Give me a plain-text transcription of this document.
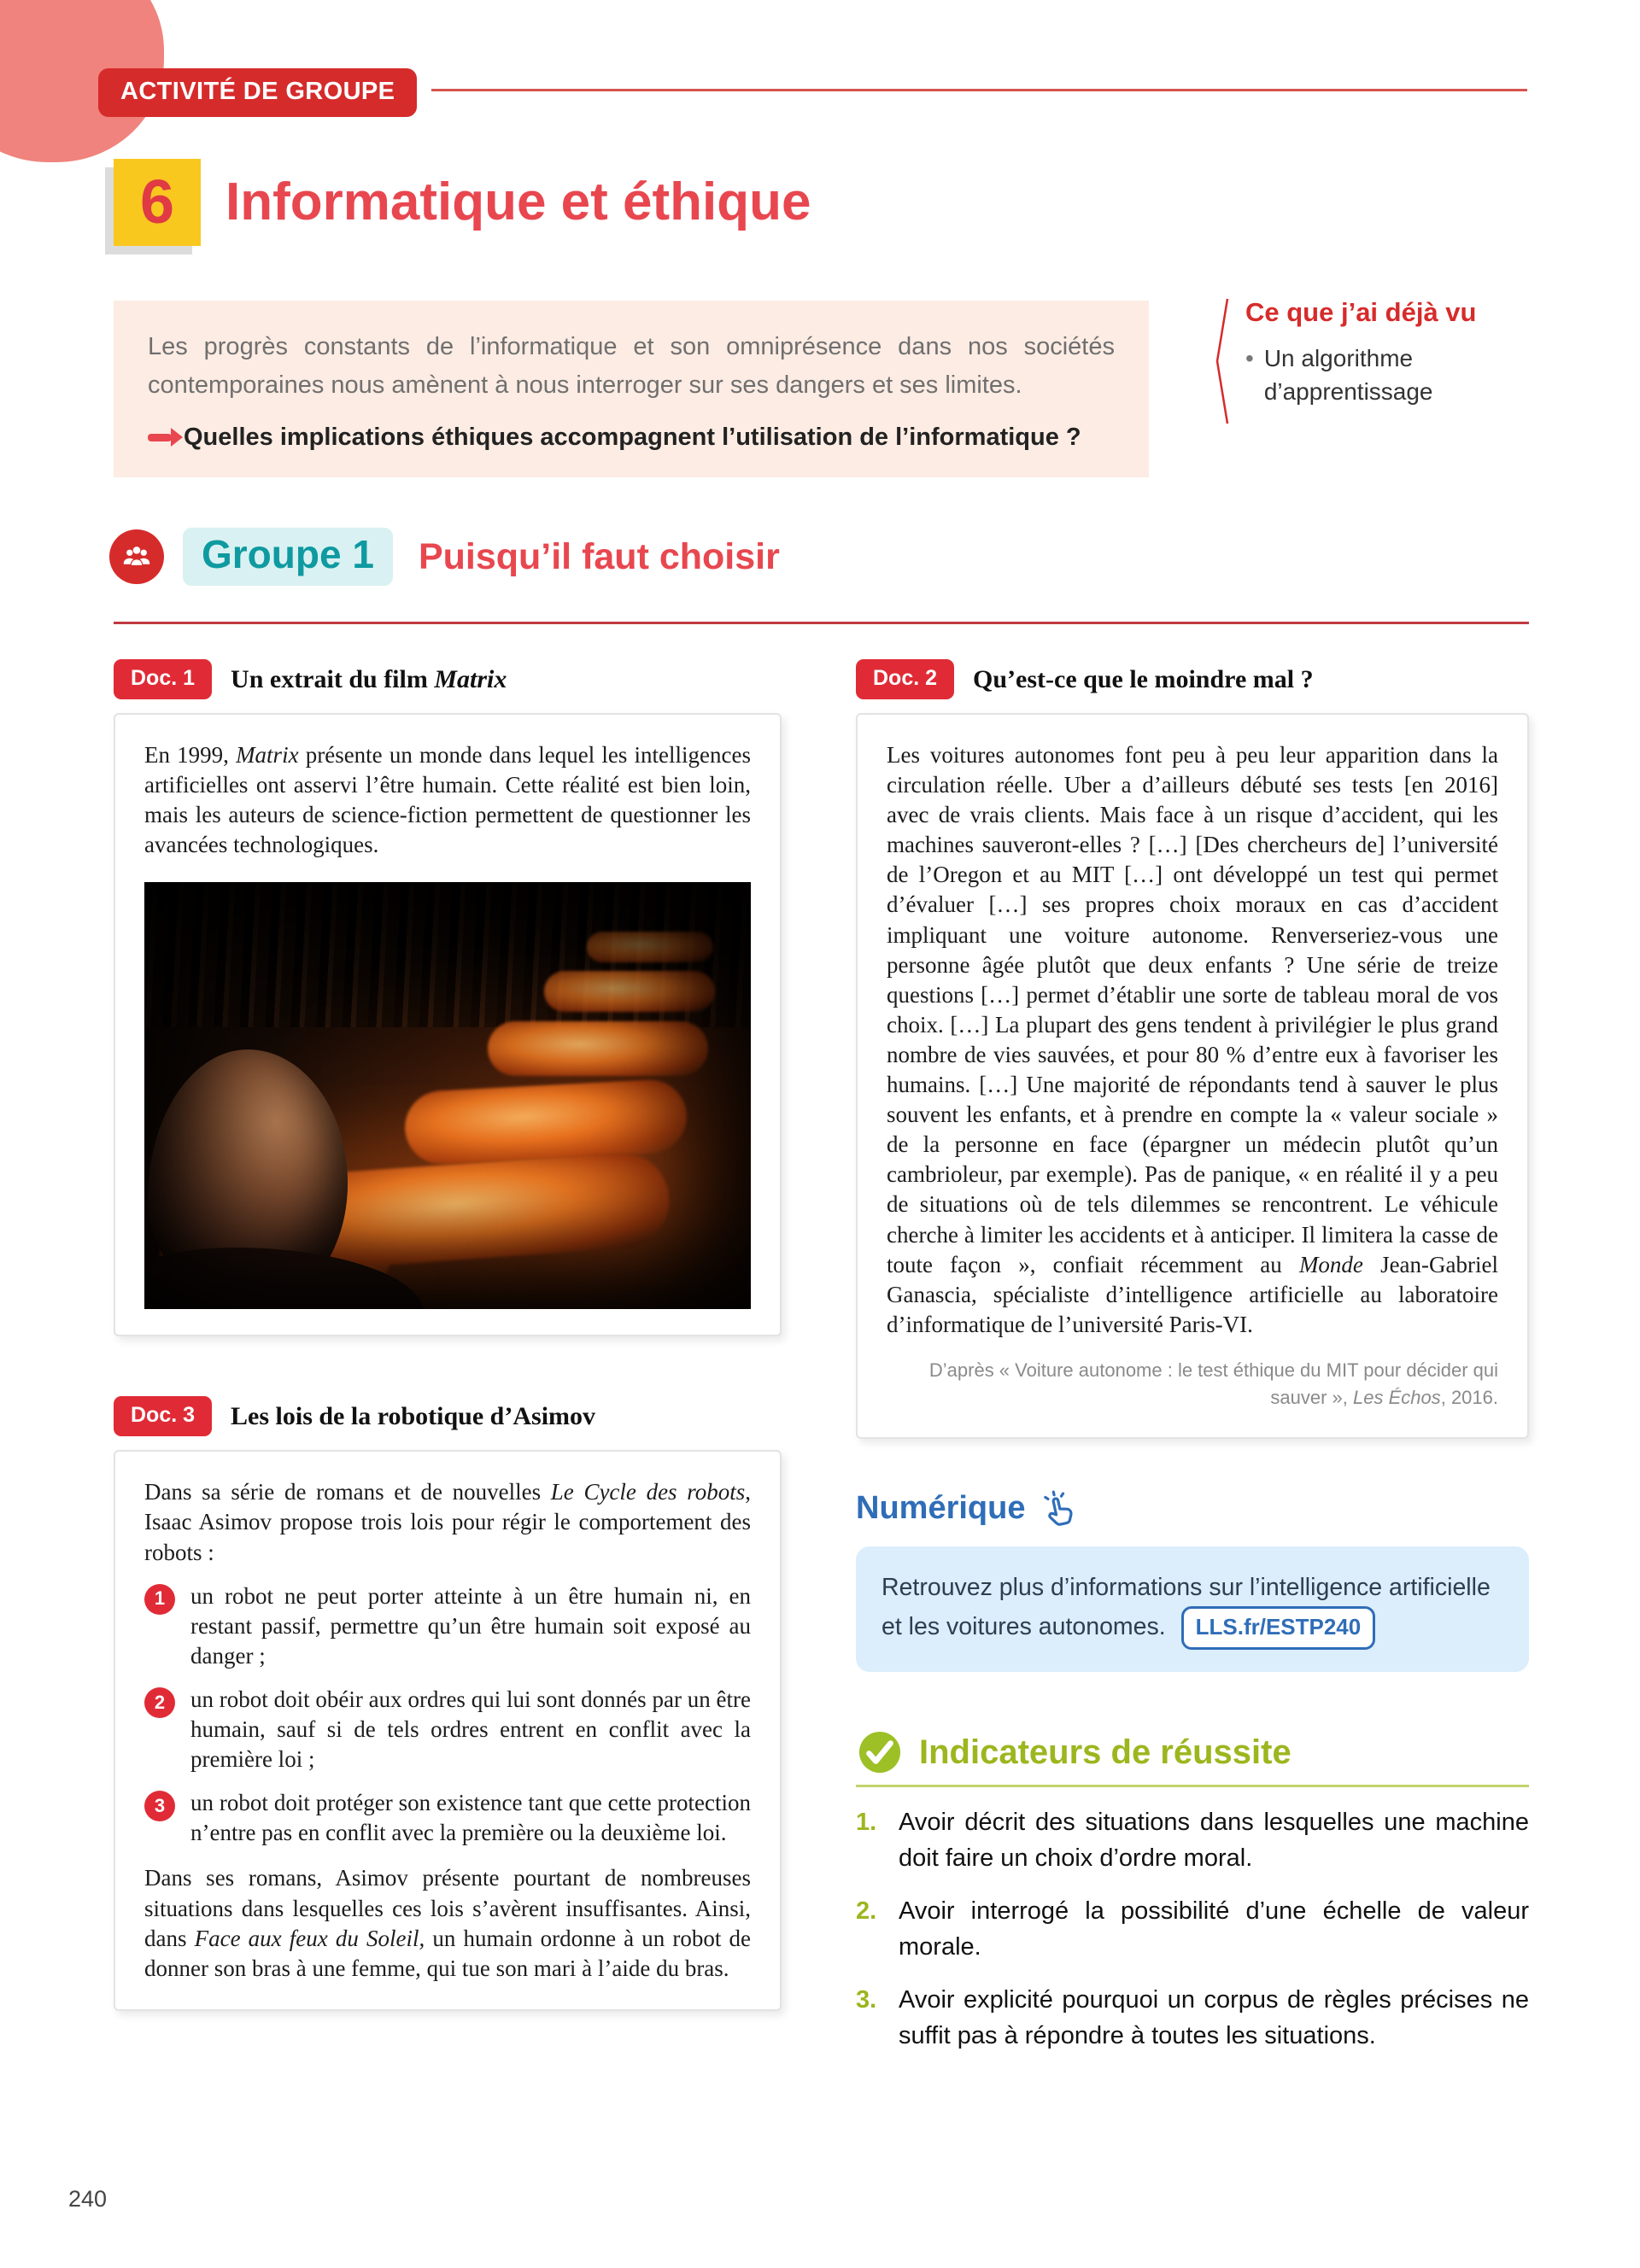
ACTIVITÉ DE GROUPE
6 Informatique et éthique

Les progrès constants de l’informatique et son omniprésence dans nos sociétés contemporaines nous amènent à nous interroger sur ses dangers et ses limites.

Quelles implications éthiques accompagnent l’utilisation de l’informatique ?

Ce que j’ai déjà vu
• Un algorithme d’apprentissage
Groupe 1	Puisqu’il faut choisir
Doc. 1	Un extrait du film Matrix

En 1999, Matrix présente un monde dans lequel les intelligences artificielles ont asservi l’être humain. Cette réalité est bien loin, mais les auteurs de science-fiction permettent de questionner les avancées technologiques.

Doc. 3	Les lois de la robotique d’Asimov

Dans sa série de romans et de nouvelles Le Cycle des robots, Isaac Asimov propose trois lois pour régir le comportement des robots :

1	un robot ne peut porter atteinte à un être humain ni, en restant passif, permettre qu’un être humain soit exposé au danger ;
2	un robot doit obéir aux ordres qui lui sont donnés par un être humain, sauf si de tels ordres entrent en conflit avec la première loi ;
3	un robot doit protéger son existence tant que cette protection n’entre pas en conflit avec la première ou la deuxième loi.

Dans ses romans, Asimov présente pourtant de nombreuses situations dans lesquelles ces lois s’avèrent insuffisantes. Ainsi, dans Face aux feux du Soleil, un humain ordonne à un robot de donner son bras à une femme, qui tue son mari à l’aide du bras.

Doc. 2	Qu’est-ce que le moindre mal ?

Les voitures autonomes font peu à peu leur apparition dans la circulation réelle. Uber a d’ailleurs débuté ses tests [en 2016] avec de vrais clients. Mais face à un risque d’accident, qui les machines sauveront-elles ? […] [Des chercheurs de] l’université de l’Oregon et au MIT […] ont développé un test qui permet d’évaluer […] ses propres choix moraux en cas d’accident impliquant une voiture autonome. Renverseriez-vous une personne âgée plutôt que deux enfants ? Une série de treize questions […] permet d’établir une sorte de tableau moral de vos choix. […] La plupart des gens tendent à privilégier le plus grand nombre de vies sauvées, et pour 80 % d’entre eux à favoriser les humains. […] Une majorité de répondants tend à sauver le plus souvent les enfants, et à prendre en compte la « valeur sociale » de la personne en face (épargner un médecin plutôt qu’un cambrioleur, par exemple). Pas de panique, « en réalité il y a peu de situations où de tels dilemmes se rencontrent. Le véhicule cherche à limiter les accidents et à anticiper. Il limitera la casse de toute façon », confiait récemment au Monde Jean-Gabriel Ganascia, spécialiste d’intelligence artificielle au laboratoire d’informatique de l’université Paris-VI.

D’après « Voiture autonome : le test éthique du MIT pour décider qui sauver », Les Échos, 2016.

Numérique
Retrouvez plus d’informations sur l’intelligence artificielle et les voitures autonomes. LLS.fr/ESTP240
Indicateurs de réussite
1. Avoir décrit des situations dans lesquelles une machine doit faire un choix d’ordre moral.
2. Avoir interrogé la possibilité d’une échelle de valeur morale.
3. Avoir explicité pourquoi un corpus de règles précises ne suffit pas à répondre à toutes les situations.
240
